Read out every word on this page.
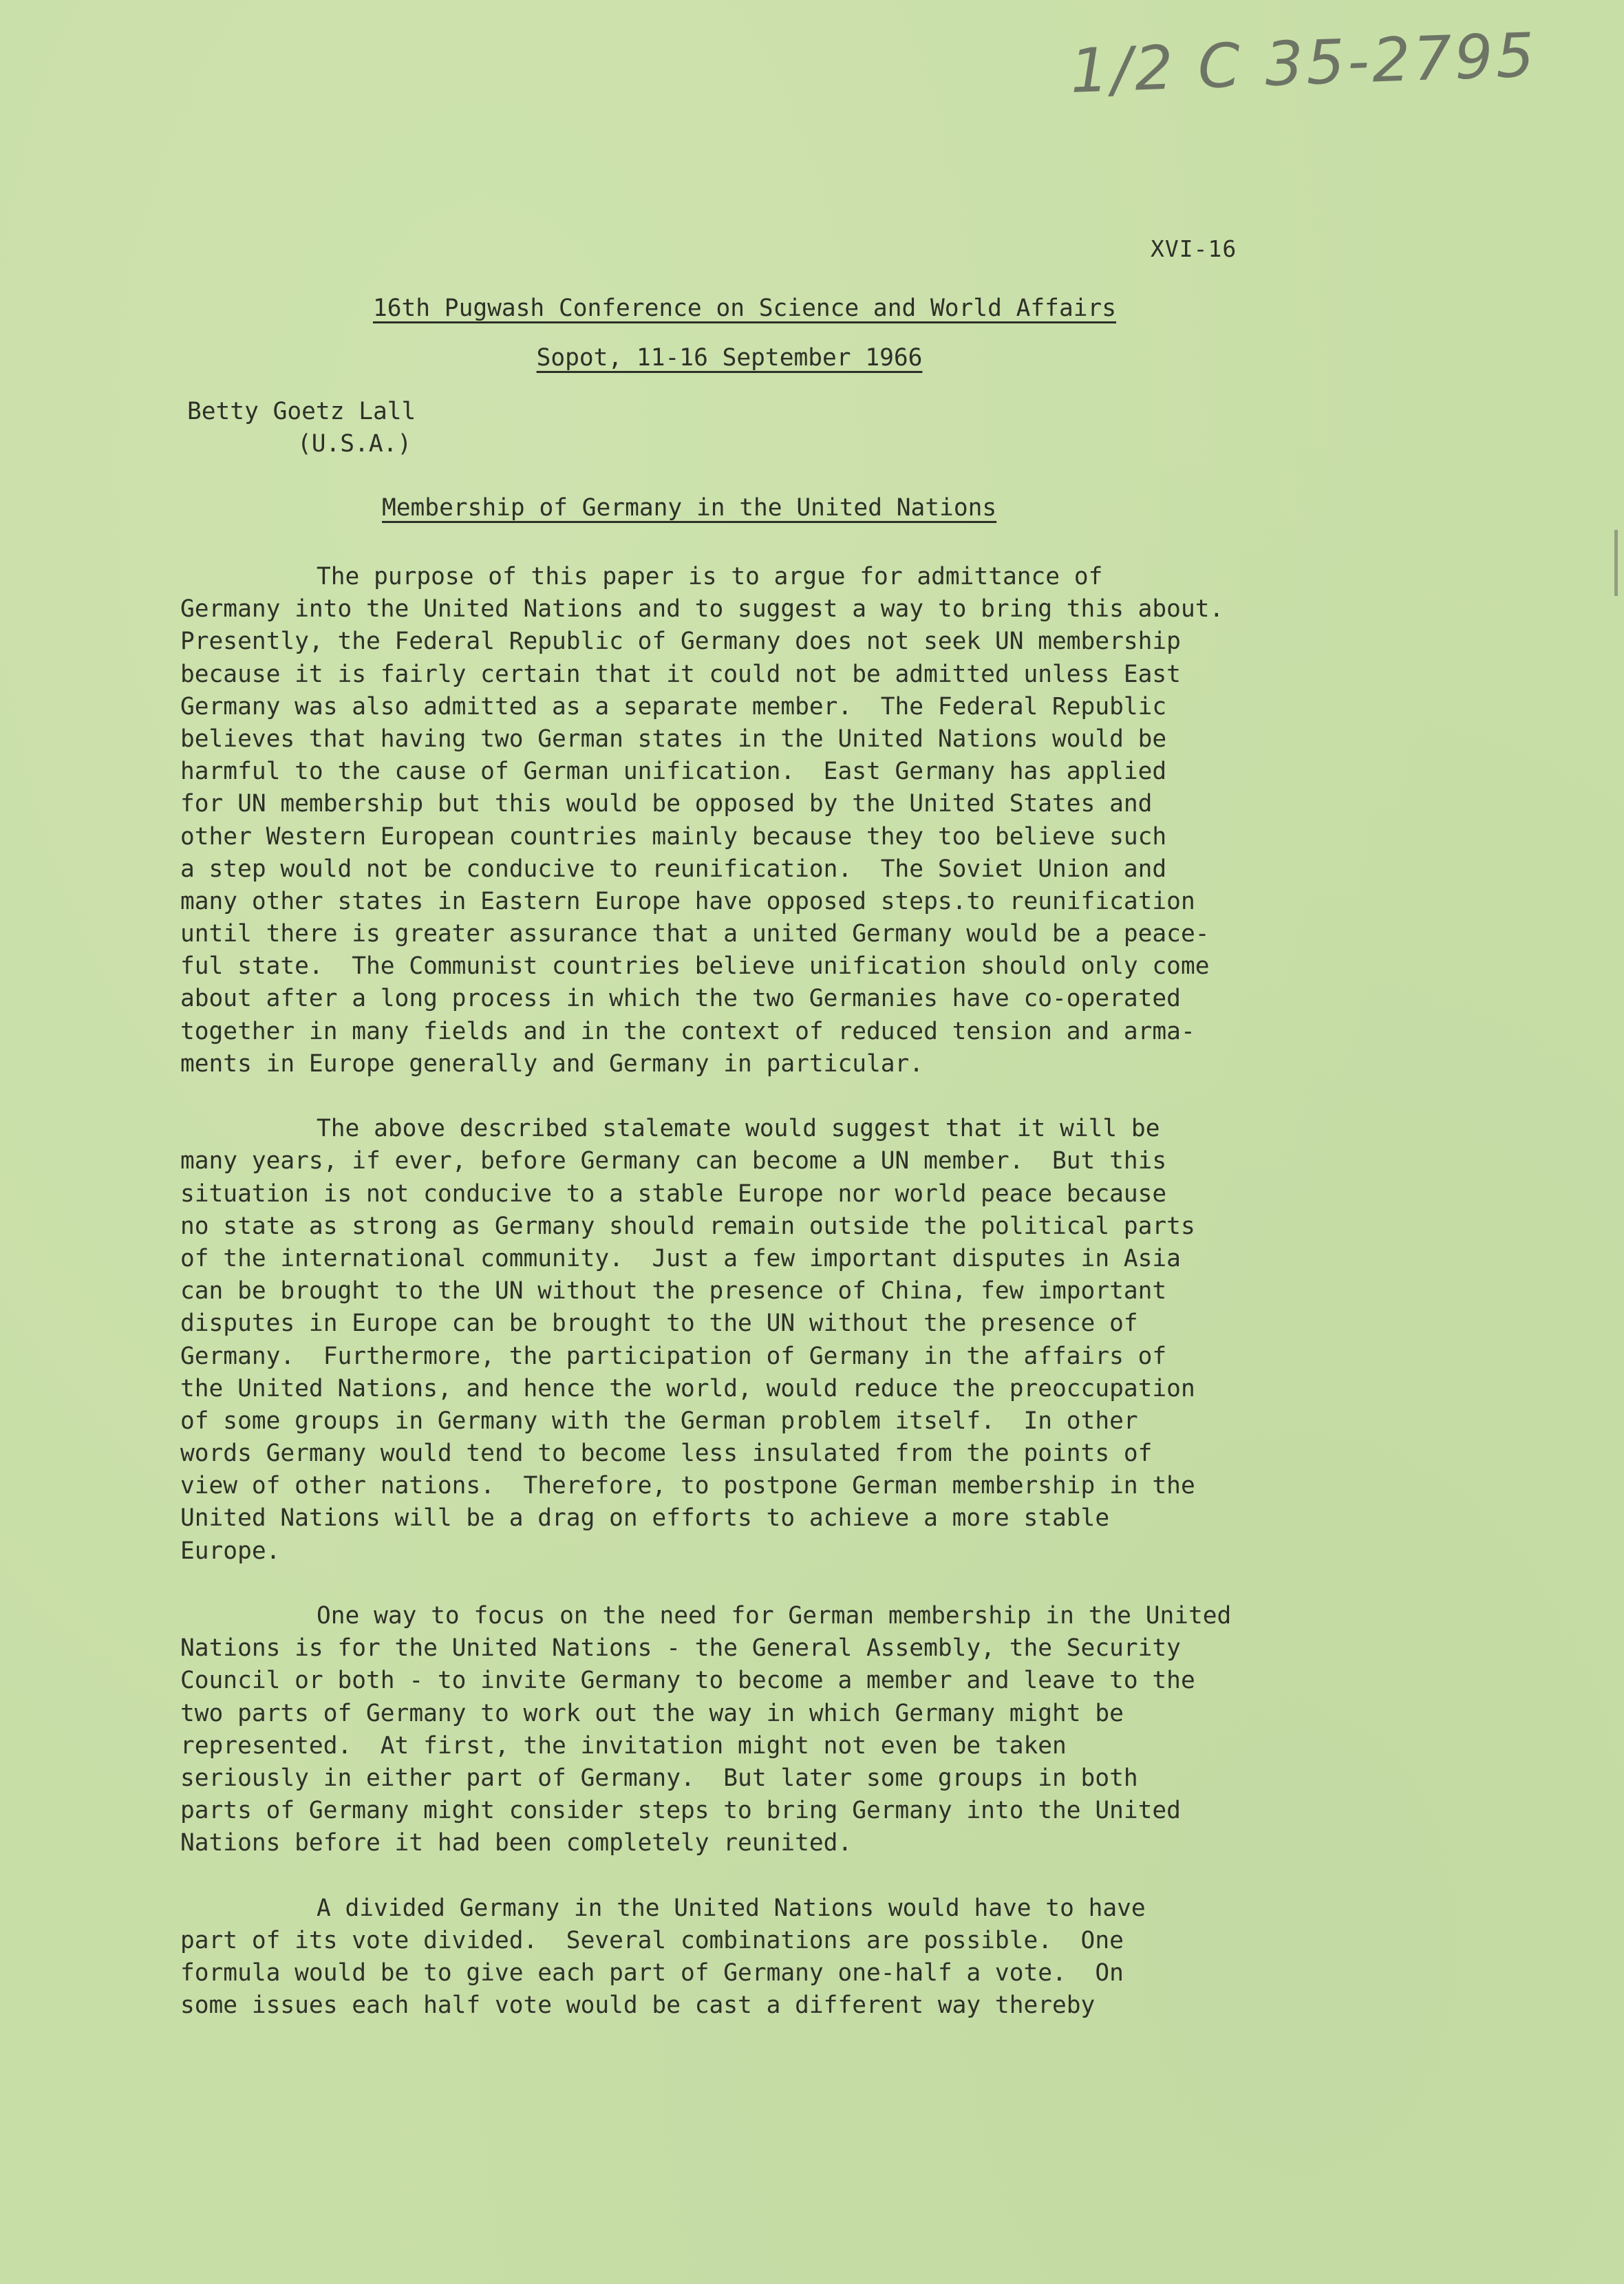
1/2 C 35-2795
XVI-16
16th Pugwash Conference on Science and World Affairs
Sopot, 11-16 September 1966
Betty Goetz Lall
(U.S.A.)
Membership of Germany in the United Nations
The purpose of this paper is to argue for admittance of
Germany into the United Nations and to suggest a way to bring this about.
Presently, the Federal Republic of Germany does not seek UN membership
because it is fairly certain that it could not be admitted unless East
Germany was also admitted as a separate member.  The Federal Republic
believes that having two German states in the United Nations would be
harmful to the cause of German unification.  East Germany has applied
for UN membership but this would be opposed by the United States and
other Western European countries mainly because they too believe such
a step would not be conducive to reunification.  The Soviet Union and
many other states in Eastern Europe have opposed steps.to reunification
until there is greater assurance that a united Germany would be a peace-
ful state.  The Communist countries believe unification should only come
about after a long process in which the two Germanies have co-operated
together in many fields and in the context of reduced tension and arma-
ments in Europe generally and Germany in particular.
The above described stalemate would suggest that it will be
many years, if ever, before Germany can become a UN member.  But this
situation is not conducive to a stable Europe nor world peace because
no state as strong as Germany should remain outside the political parts
of the international community.  Just a few important disputes in Asia
can be brought to the UN without the presence of China, few important
disputes in Europe can be brought to the UN without the presence of
Germany.  Furthermore, the participation of Germany in the affairs of
the United Nations, and hence the world, would reduce the preoccupation
of some groups in Germany with the German problem itself.  In other
words Germany would tend to become less insulated from the points of
view of other nations.  Therefore, to postpone German membership in the
United Nations will be a drag on efforts to achieve a more stable
Europe.
One way to focus on the need for German membership in the United
Nations is for the United Nations - the General Assembly, the Security
Council or both - to invite Germany to become a member and leave to the
two parts of Germany to work out the way in which Germany might be
represented.  At first, the invitation might not even be taken
seriously in either part of Germany.  But later some groups in both
parts of Germany might consider steps to bring Germany into the United
Nations before it had been completely reunited.
A divided Germany in the United Nations would have to have
part of its vote divided.  Several combinations are possible.  One
formula would be to give each part of Germany one-half a vote.  On
some issues each half vote would be cast a different way thereby
